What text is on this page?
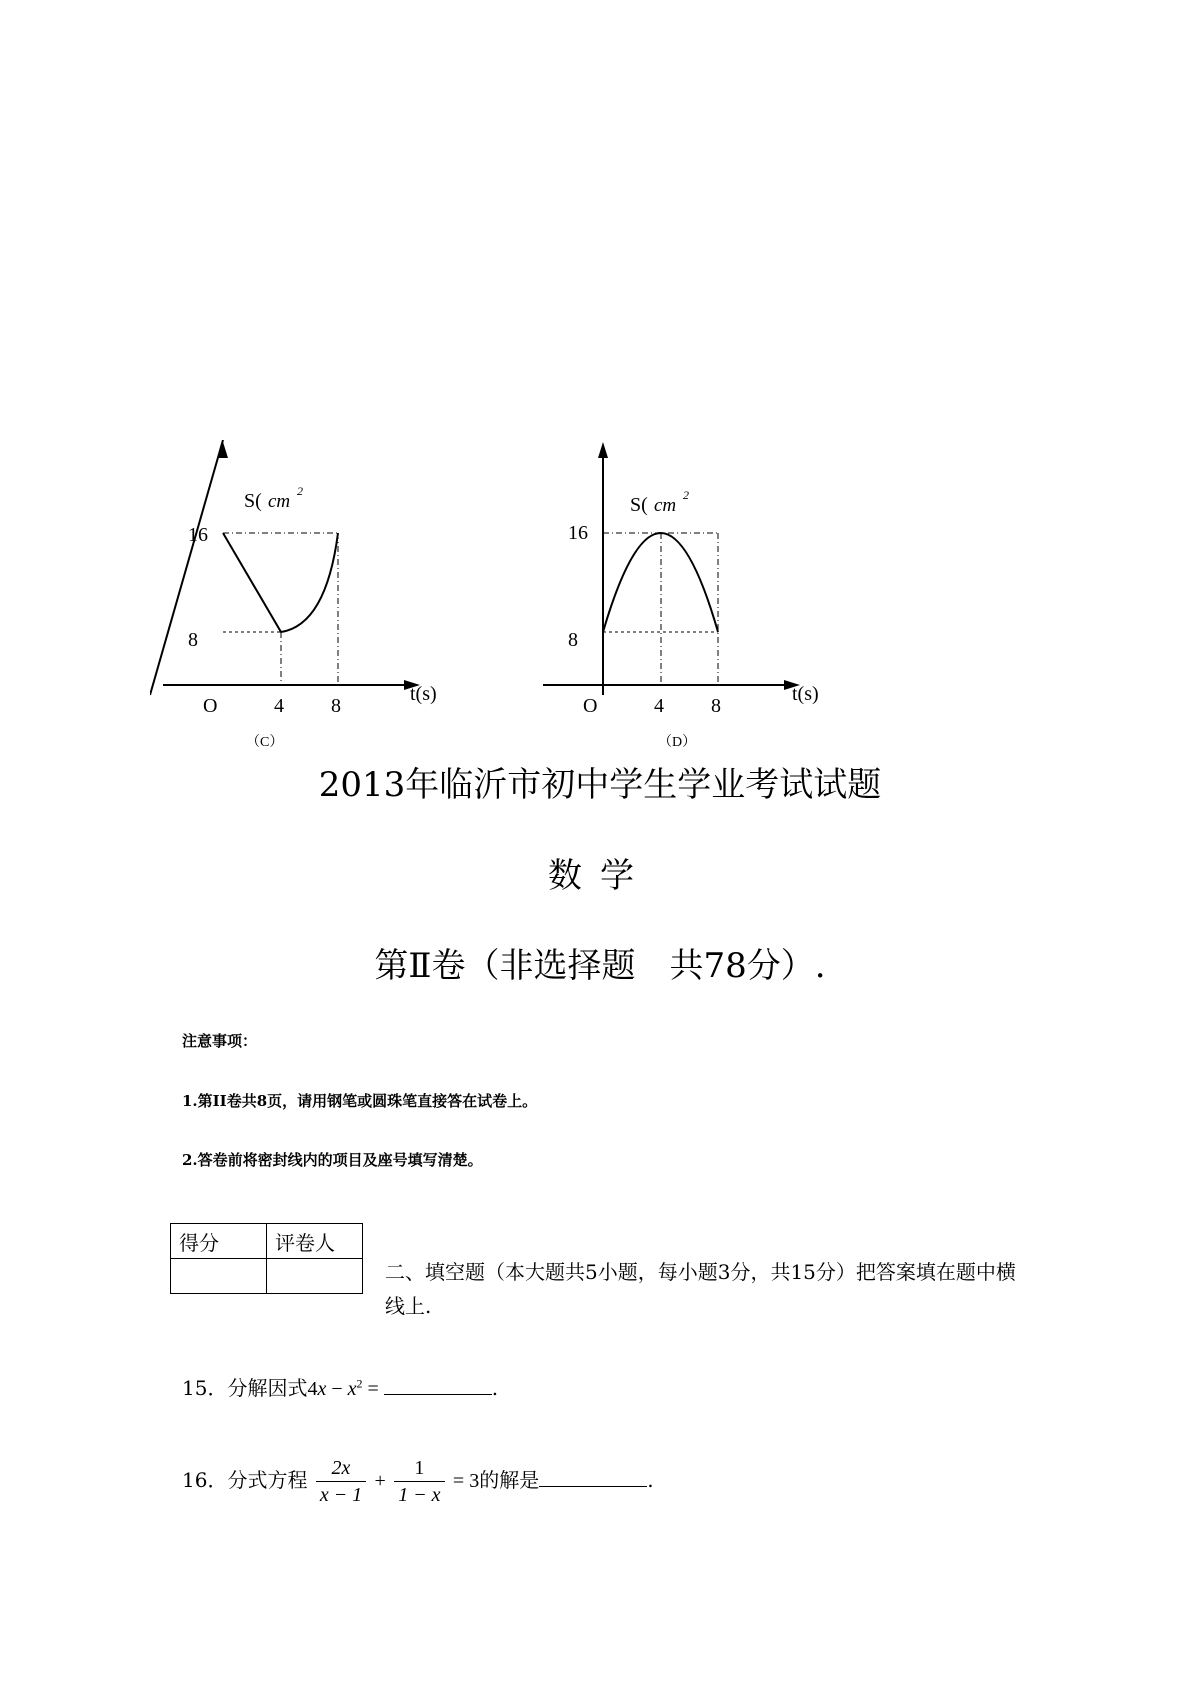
S( cm 2
16
8
O	4 8
t(s)
（C）
S( cm 2
16
8
O	4 8
t(s)
（D）
2013年临沂市初中学生学业考试试题
数学
第Ⅱ卷（非选择题　共78分）.
注意事项：
1.第II卷共8页，请用钢笔或圆珠笔直接答在试卷上。
2.答卷前将密封线内的项目及座号填写清楚。
得分	评卷人

二、填空题（本大题共5小题，每小题3分，共15分）把答案填在题中横线上.
15．分解因式$4x - x^2$ =	.
16．分式方程 $\frac{2x}{x - 1} + \frac{1}{1 - x} = 3$的解是	.
